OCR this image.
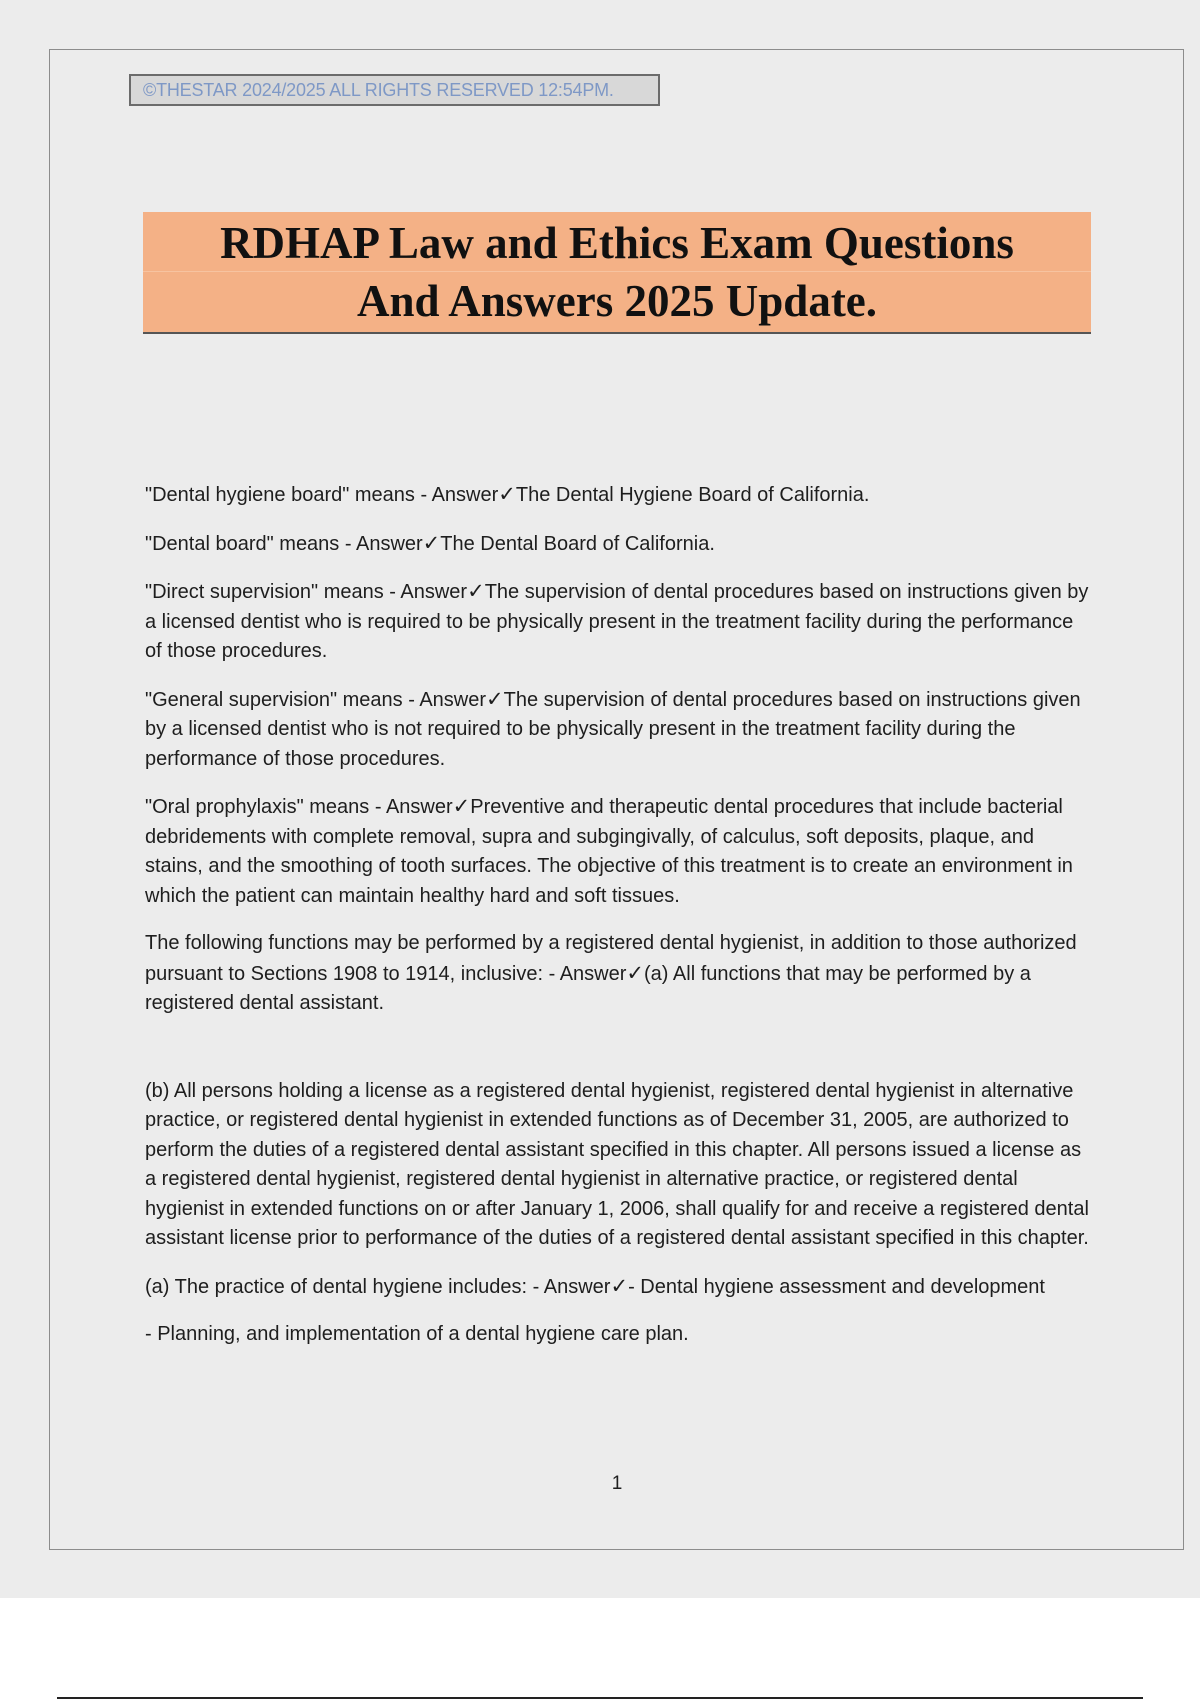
©THESTAR 2024/2025 ALL RIGHTS RESERVED 12:54PM.
RDHAP Law and Ethics Exam Questions
And Answers 2025 Update.

"Dental hygiene board" means - Answer✓The Dental Hygiene Board of California.

"Dental board" means - Answer✓The Dental Board of California.

"Direct supervision" means - Answer✓The supervision of dental procedures based on instructions given by a licensed dentist who is required to be physically present in the treatment facility during the performance of those procedures.

"General supervision" means - Answer✓The supervision of dental procedures based on instructions given by a licensed dentist who is not required to be physically present in the treatment facility during the performance of those procedures.

"Oral prophylaxis" means - Answer✓Preventive and therapeutic dental procedures that include bacterial debridements with complete removal, supra and subgingivally, of calculus, soft deposits, plaque, and stains, and the smoothing of tooth surfaces. The objective of this treatment is to create an environment in which the patient can maintain healthy hard and soft tissues.

The following functions may be performed by a registered dental hygienist, in addition to those authorized pursuant to Sections 1908 to 1914, inclusive: - Answer✓(a) All functions that may be performed by a registered dental assistant.

(b) All persons holding a license as a registered dental hygienist, registered dental hygienist in alternative practice, or registered dental hygienist in extended functions as of December 31, 2005, are authorized to perform the duties of a registered dental assistant specified in this chapter. All persons issued a license as a registered dental hygienist, registered dental hygienist in alternative practice, or registered dental hygienist in extended functions on or after January 1, 2006, shall qualify for and receive a registered dental assistant license prior to performance of the duties of a registered dental assistant specified in this chapter.

(a) The practice of dental hygiene includes: - Answer✓- Dental hygiene assessment and development

- Planning, and implementation of a dental hygiene care plan.

1
